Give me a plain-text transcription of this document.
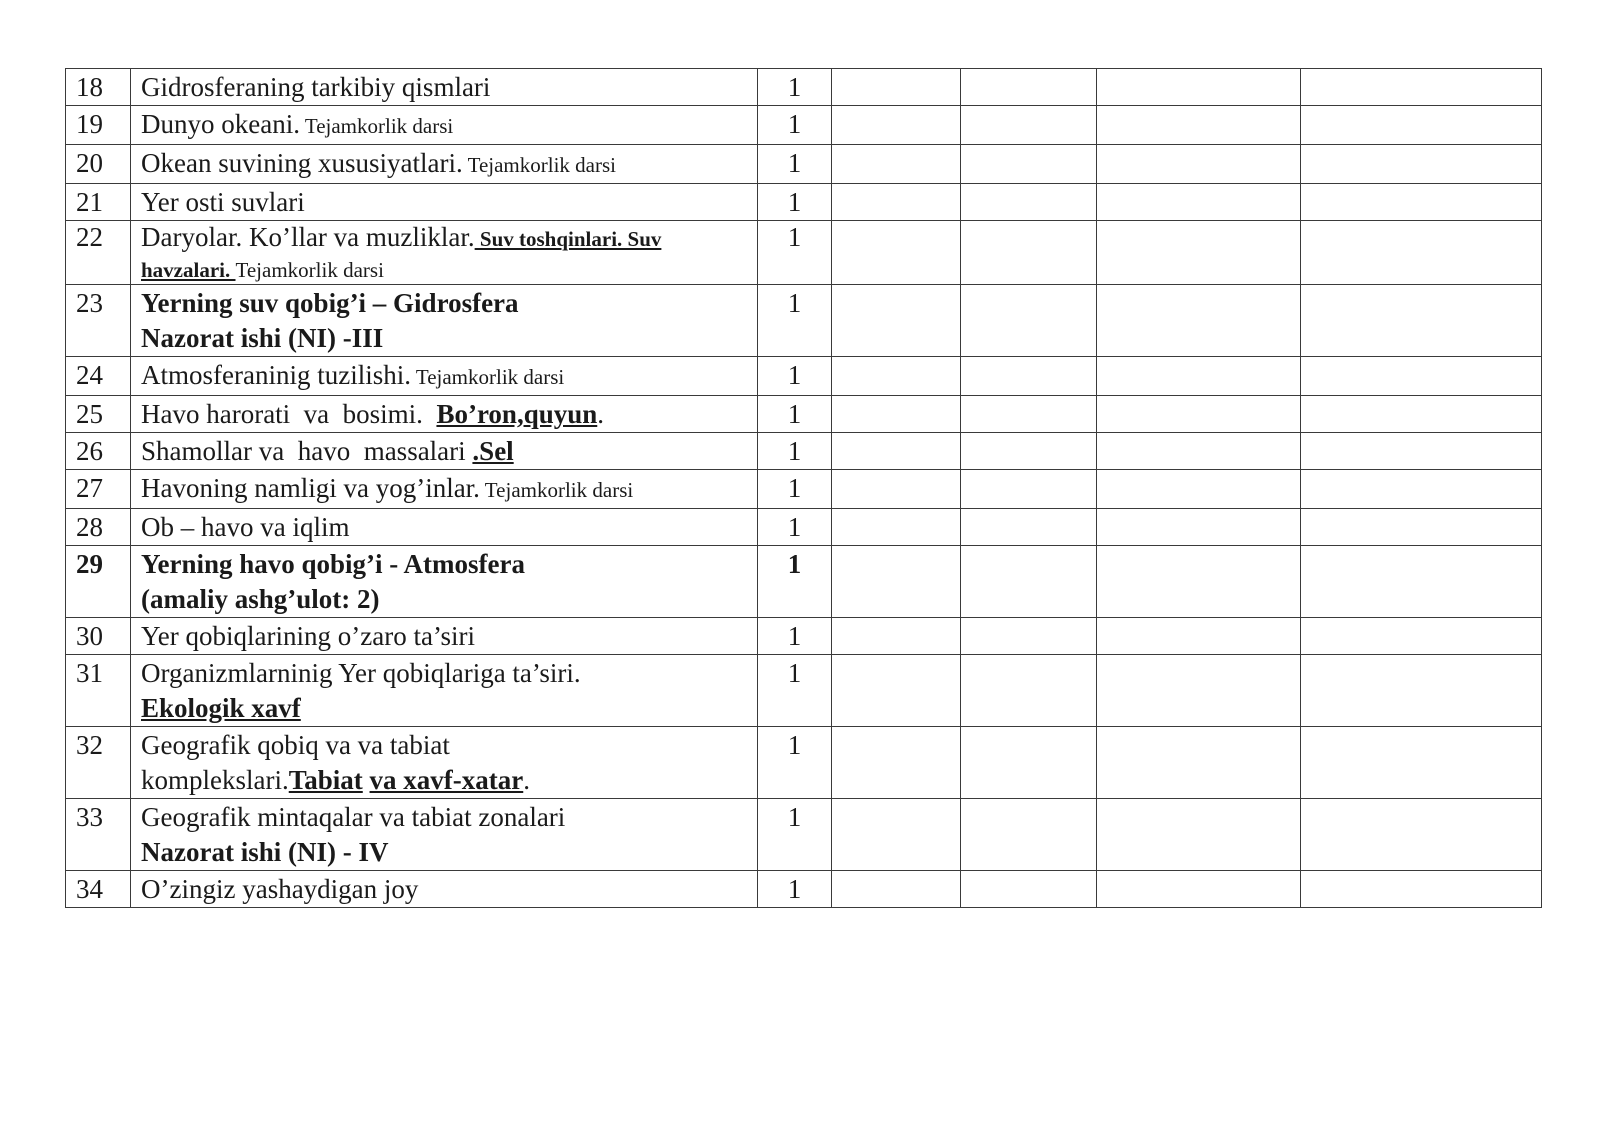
18	Gidrosferaning tarkibiy qismlari	1				
19	Dunyo okeani. Tejamkorlik darsi	1				
20	Okean suvining xususiyatlari. Tejamkorlik darsi	1				
21	Yer osti suvlari	1				
22	Daryolar. Ko’llar va muzliklar. Suv toshqinlari. Suv
havzalari. Tejamkorlik darsi	1				
23	Yerning suv qobig’i – Gidrosfera
Nazorat ishi (NI) -III	1				
24	Atmosferaninig tuzilishi. Tejamkorlik darsi	1				
25	Havo harorati  va  bosimi.  Bo’ron,quyun.	1				
26	Shamollar va  havo  massalari .Sel	1				
27	Havoning namligi va yog’inlar. Tejamkorlik darsi	1				
28	Ob – havo va iqlim	1				
29	Yerning havo qobig’i - Atmosfera
(amaliy ashg’ulot: 2)	1				
30	Yer qobiqlarining o’zaro ta’siri	1				
31	Organizmlarninig Yer qobiqlariga ta’siri.
Ekologik xavf	1				
32	Geografik qobiq va va tabiat
komplekslari.Tabiat va xavf-xatar.	1				
33	Geografik mintaqalar va tabiat zonalari
Nazorat ishi (NI) - IV	1				
34	O’zingiz yashaydigan joy	1				
